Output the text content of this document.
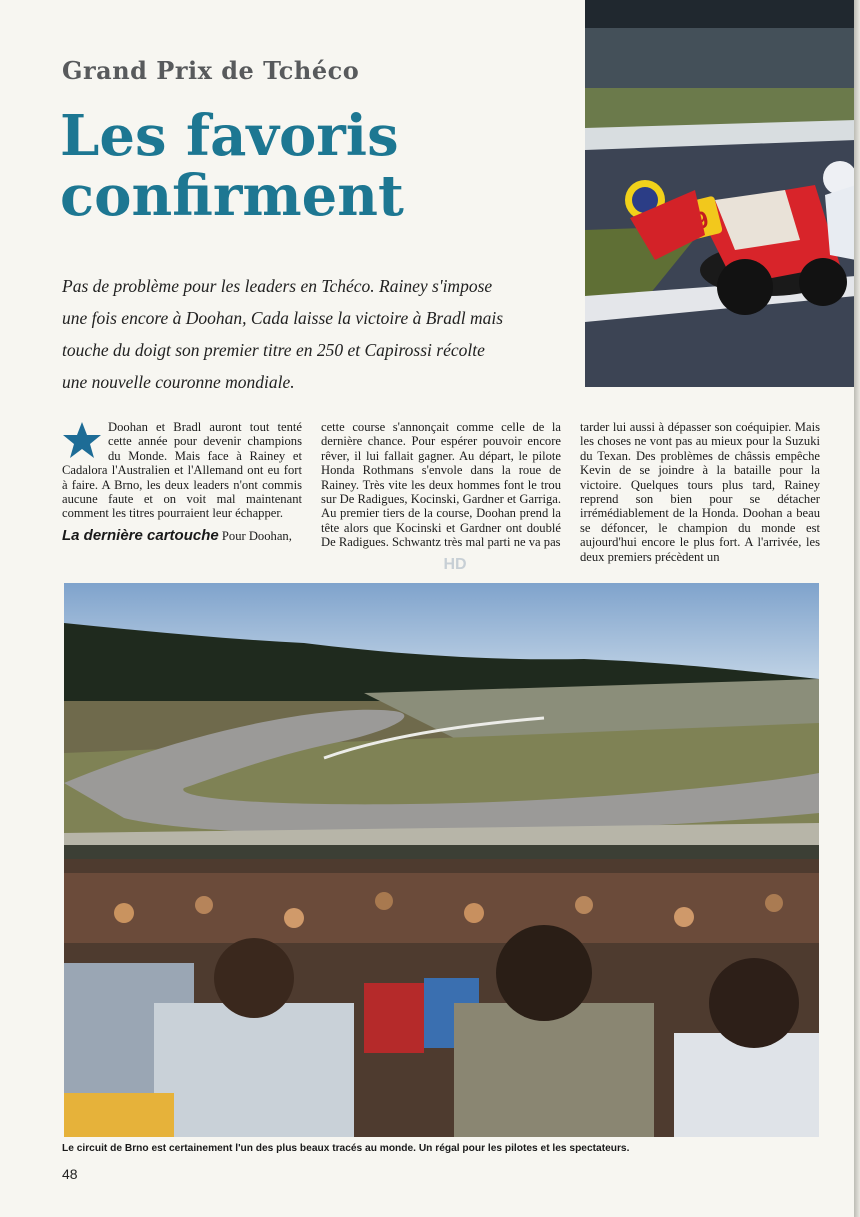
Grand Prix de Tchéco
Les favoris
confirment
Pas de problème pour les leaders en Tchéco. Rainey s'impose une fois encore à Doohan, Cada laisse la victoire à Bradl mais touche du doigt son premier titre en 250 et Capirossi récolte une nouvelle couronne mondiale.

Doohan et Bradl auront tout tenté cette année pour devenir champions du Monde. Mais face à Rainey et Cadalora l'Australien et l'Allemand ont eu fort à faire. A Brno, les deux leaders n'ont commis aucune faute et on voit mal maintenant comment les titres pourraient leur échapper.

La dernière cartouche Pour Doohan,

cette course s'annonçait comme celle de la dernière chance. Pour espérer pouvoir encore rêver, il lui fallait gagner. Au départ, le pilote Honda Rothmans s'envole dans la roue de Rainey. Très vite les deux hommes font le trou sur De Radigues, Kocinski, Gardner et Garriga. Au premier tiers de la course, Doohan prend la tête alors que Kocinski et Gardner ont doublé De Radigues. Schwantz très mal parti ne va pas

tarder lui aussi à dépasser son coéquipier. Mais les choses ne vont pas au mieux pour la Suzuki du Texan. Des problèmes de châssis empêche Kevin de se joindre à la bataille pour la victoire. Quelques tours plus tard, Rainey reprend son bien pour se détacher irrémédiablement de la Honda. Doohan a beau se défoncer, le champion du monde est aujourd'hui encore le plus fort. A l'arrivée, les deux premiers précèdent un

HD
Le circuit de Brno est certainement l'un des plus beaux tracés au monde. Un régal pour les pilotes et les spectateurs.
48
